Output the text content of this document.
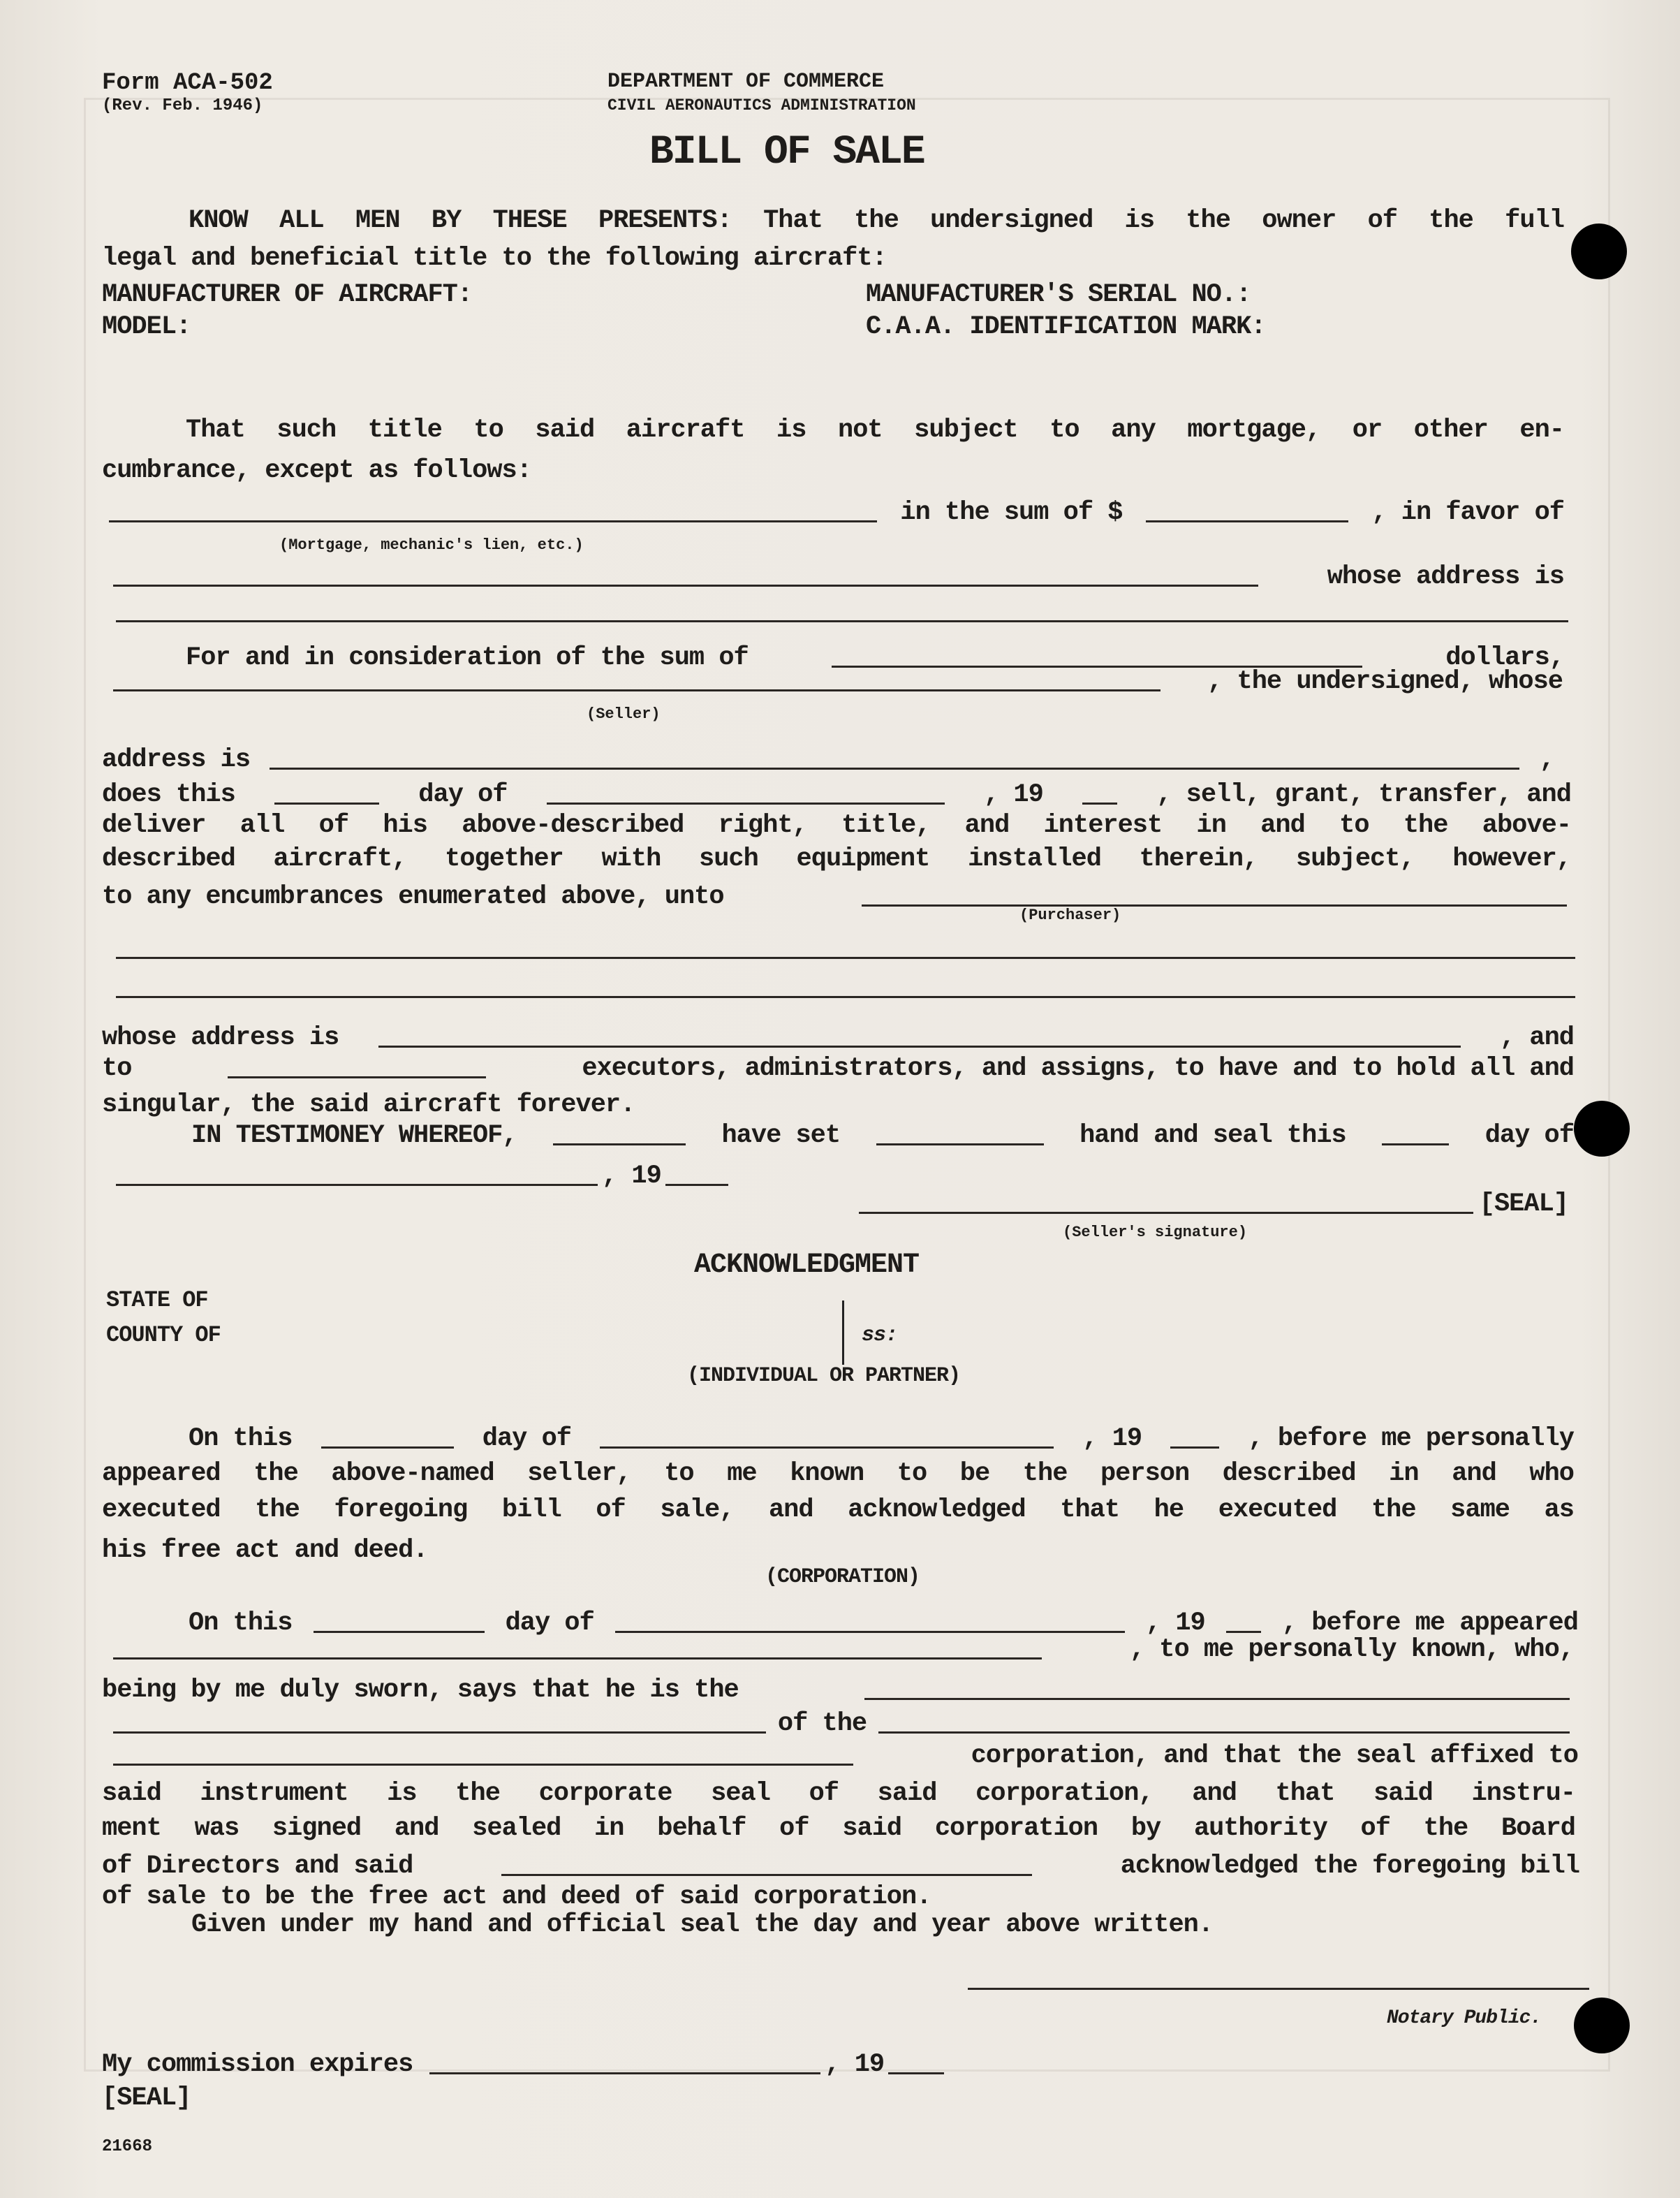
Form ACA-502
(Rev. Feb. 1946)
DEPARTMENT OF COMMERCE
CIVIL AERONAUTICS ADMINISTRATION
BILL OF SALE
KNOW ALL MEN BY THESE PRESENTS: That the undersigned is the owner of the full
legal and beneficial title to the following aircraft:
MANUFACTURER OF AIRCRAFT:	MANUFACTURER'S SERIAL NO.:
MODEL:	C.A.A. IDENTIFICATION MARK:
That such title to said aircraft is not subject to any mortgage, or other en-
cumbrance, except as follows:
in the sum of $	, in favor of
(Mortgage, mechanic's lien, etc.)
whose address is
For and in consideration of the sum of	dollars,
, the undersigned, whose
(Seller)
address is	,
does this	day of	, 19	, sell, grant, transfer, and
deliver all of his above-described right, title, and interest in and to the above-
described aircraft, together with such equipment installed therein, subject, however,
to any encumbrances enumerated above, unto
(Purchaser)
whose address is	, and
to	executors, administrators, and assigns, to have and to hold all and
singular, the said aircraft forever.
IN TESTIMONEY WHEREOF,	have set	hand and seal this	day of
, 19
[SEAL]
(Seller's signature)
ACKNOWLEDGMENT
STATE OF
COUNTY OF	ss:
(INDIVIDUAL OR PARTNER)
On this	day of	, 19	, before me personally
appeared the above-named seller, to me known to be the person described in and who
executed the foregoing bill of sale, and acknowledged that he executed the same as
his free act and deed.
(CORPORATION)
On this	day of	, 19	, before me appeared
, to me personally known, who,
being by me duly sworn, says that he is the
of the
corporation, and that the seal affixed to
said instrument is the corporate seal of said corporation, and that said instru-
ment was signed and sealed in behalf of said corporation by authority of the Board
of Directors and said	acknowledged the foregoing bill
of sale to be the free act and deed of said corporation.
Given under my hand and official seal the day and year above written.
Notary Public.
My commission expires	, 19
[SEAL]
21668
